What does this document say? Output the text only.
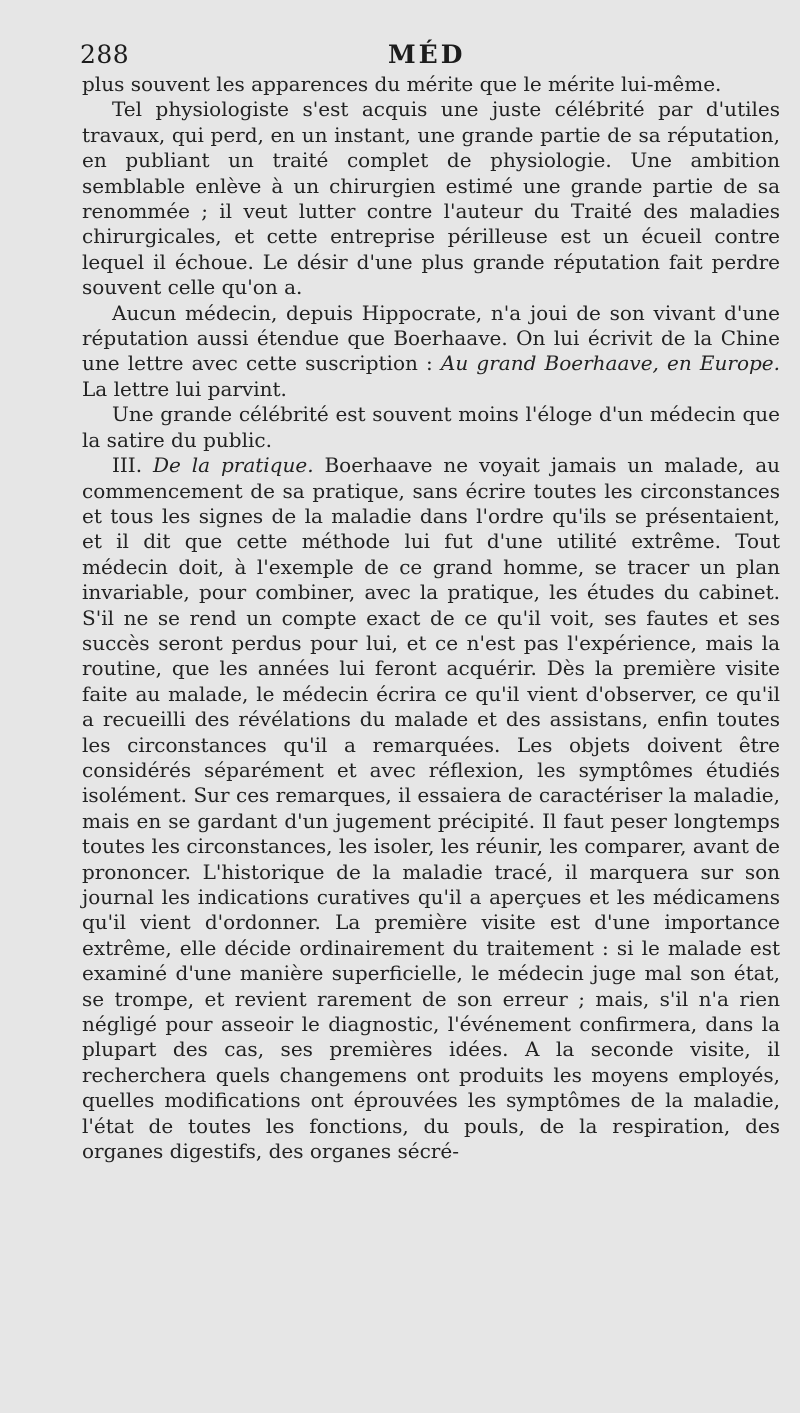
288	MÉD

plus souvent les apparences du mérite que le mérite lui-même.

Tel physiologiste s'est acquis une juste célébrité par d'utiles travaux, qui perd, en un instant, une grande partie de sa réputation, en publiant un traité complet de physiologie. Une ambition semblable enlève à un chirurgien estimé une grande partie de sa renommée ; il veut lutter contre l'auteur du Traité des maladies chirurgicales, et cette entreprise périlleuse est un écueil contre lequel il échoue. Le désir d'une plus grande réputation fait perdre souvent celle qu'on a.

Aucun médecin, depuis Hippocrate, n'a joui de son vivant d'une réputation aussi étendue que Boerhaave. On lui écrivit de la Chine une lettre avec cette suscription : Au grand Boerhaave, en Europe. La lettre lui parvint.

Une grande célébrité est souvent moins l'éloge d'un médecin que la satire du public.

III. De la pratique. Boerhaave ne voyait jamais un malade, au commencement de sa pratique, sans écrire toutes les circonstances et tous les signes de la maladie dans l'ordre qu'ils se présentaient, et il dit que cette méthode lui fut d'une utilité extrême. Tout médecin doit, à l'exemple de ce grand homme, se tracer un plan invariable, pour combiner, avec la pratique, les études du cabinet. S'il ne se rend un compte exact de ce qu'il voit, ses fautes et ses succès seront perdus pour lui, et ce n'est pas l'expérience, mais la routine, que les années lui feront acquérir. Dès la première visite faite au malade, le médecin écrira ce qu'il vient d'observer, ce qu'il a recueilli des révélations du malade et des assistans, enfin toutes les circonstances qu'il a remarquées. Les objets doivent être considérés séparément et avec réflexion, les symptômes étudiés isolément. Sur ces remarques, il essaiera de caractériser la maladie, mais en se gardant d'un jugement précipité. Il faut peser longtemps toutes les circonstances, les isoler, les réunir, les comparer, avant de prononcer. L'historique de la maladie tracé, il marquera sur son journal les indications curatives qu'il a aperçues et les médicamens qu'il vient d'ordonner. La première visite est d'une importance extrême, elle décide ordinairement du traitement : si le malade est examiné d'une manière superficielle, le médecin juge mal son état, se trompe, et revient rarement de son erreur ; mais, s'il n'a rien négligé pour asseoir le diagnostic, l'événement confirmera, dans la plupart des cas, ses premières idées. A la seconde visite, il recherchera quels changemens ont produits les moyens employés, quelles modifications ont éprouvées les symptômes de la maladie, l'état de toutes les fonctions, du pouls, de la respiration, des organes digestifs, des organes sécré-
